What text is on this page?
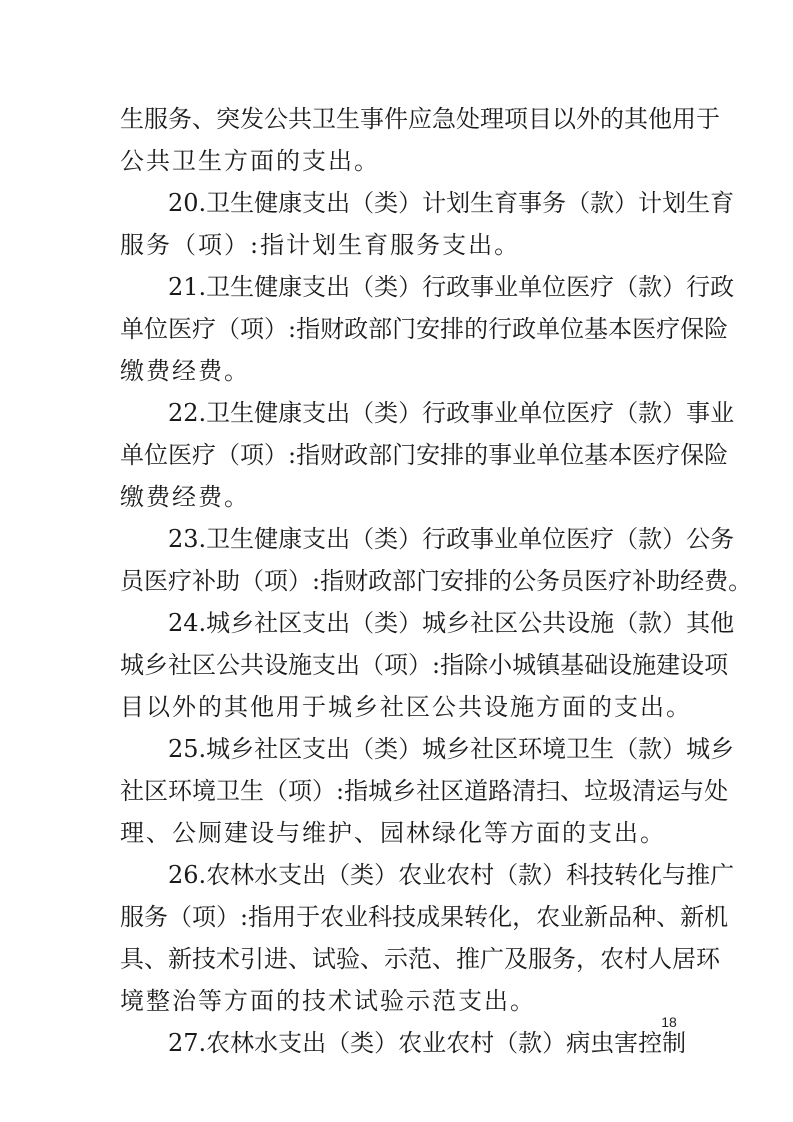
生服务、突发公共卫生事件应急处理项目以外的其他用于
公共卫生方面的支出。
20.卫生健康支出（类）计划生育事务（款）计划生育
服务（项）:指计划生育服务支出。
21.卫生健康支出（类）行政事业单位医疗（款）行政
单位医疗（项）:指财政部门安排的行政单位基本医疗保险
缴费经费。
22.卫生健康支出（类）行政事业单位医疗（款）事业
单位医疗（项）:指财政部门安排的事业单位基本医疗保险
缴费经费。
23.卫生健康支出（类）行政事业单位医疗（款）公务
员医疗补助（项）:指财政部门安排的公务员医疗补助经费。
24.城乡社区支出（类）城乡社区公共设施（款）其他
城乡社区公共设施支出（项）:指除小城镇基础设施建设项
目以外的其他用于城乡社区公共设施方面的支出。
25.城乡社区支出（类）城乡社区环境卫生（款）城乡
社区环境卫生（项）:指城乡社区道路清扫、垃圾清运与处
理、公厕建设与维护、园林绿化等方面的支出。
26.农林水支出（类）农业农村（款）科技转化与推广
服务（项）:指用于农业科技成果转化，农业新品种、新机
具、新技术引进、试验、示范、推广及服务，农村人居环
境整治等方面的技术试验示范支出。
27.农林水支出（类）农业农村（款）病虫害控制
18
